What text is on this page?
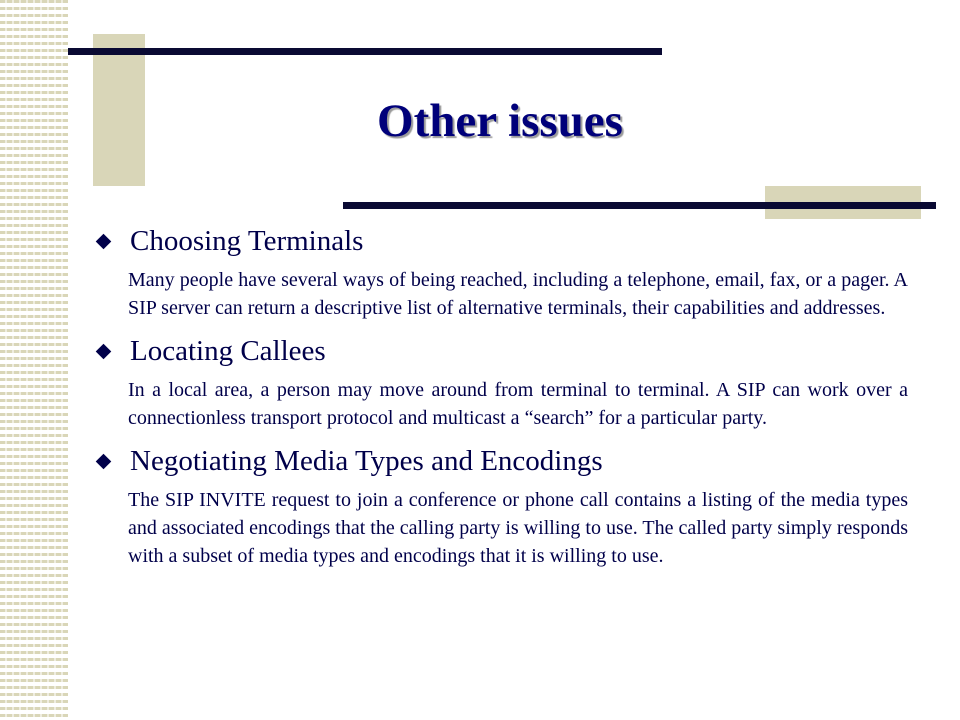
Other issues
Choosing Terminals
Many people have several ways of being reached, including a telephone, email, fax, or a pager. A SIP server can return a descriptive list of alternative terminals, their capabilities and addresses.
Locating Callees
In a local area, a person may move around from terminal to terminal. A SIP can work over a connectionless transport protocol and multicast a “search” for a particular party.
Negotiating Media Types and Encodings
The SIP INVITE request to join a conference or phone call contains a listing of the media types and associated encodings that the calling party is willing to use. The called party simply responds with a subset of media types and encodings that it is willing to use.
